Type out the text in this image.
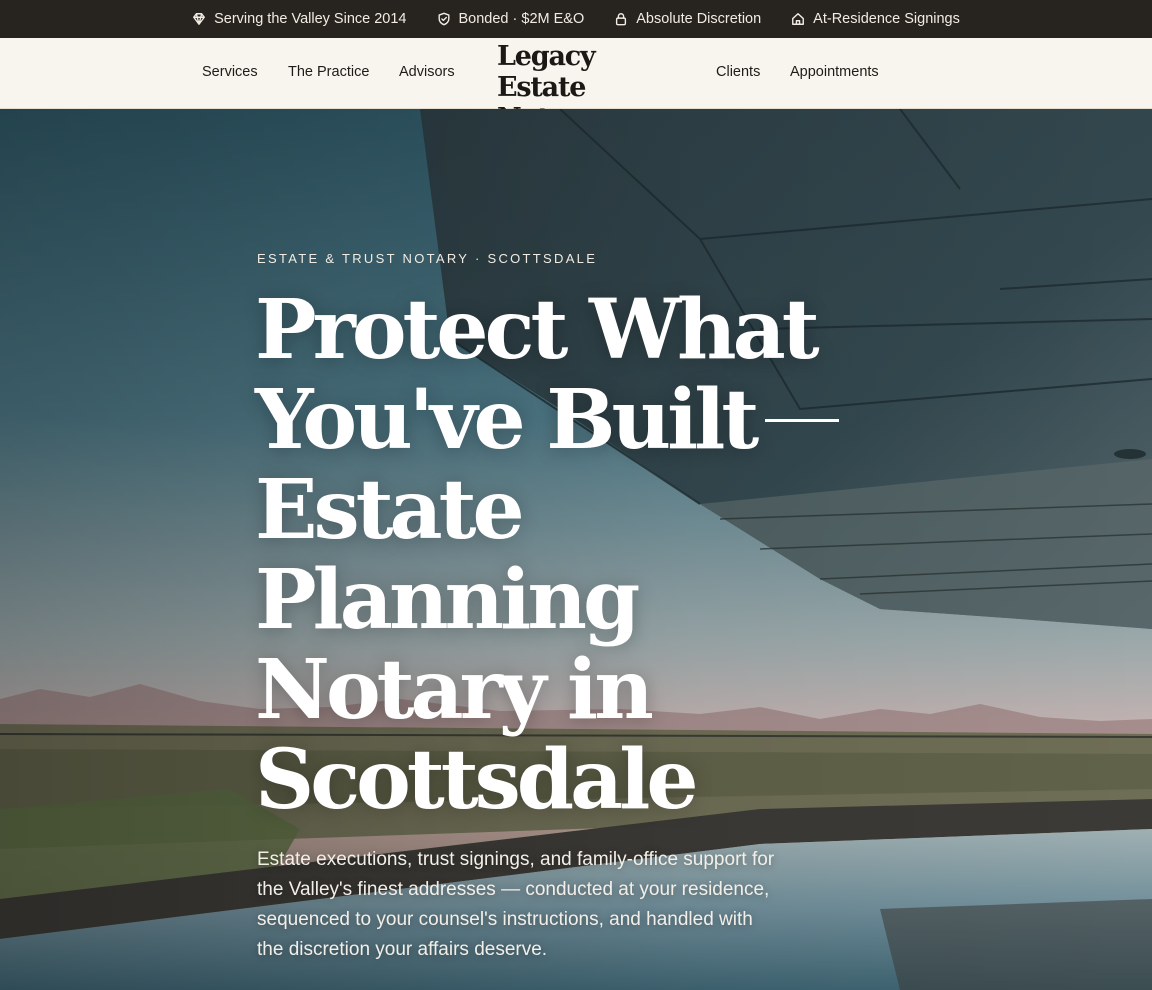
Serving the Valley Since 2014	Bonded · $2M E&O	Absolute Discretion	At-Residence Signings
Services The Practice Advisors Legacy Estate	Clients Appointments
ESTATE & TRUST NOTARY · SCOTTSDALE
Protect What
You've Built
Estate
Planning
Notary in
Scottsdale

Estate executions, trust signings, and family-office support for the Valley's finest addresses — conducted at your residence, sequenced to your counsel's instructions, and handled with the discretion your affairs deserve.
